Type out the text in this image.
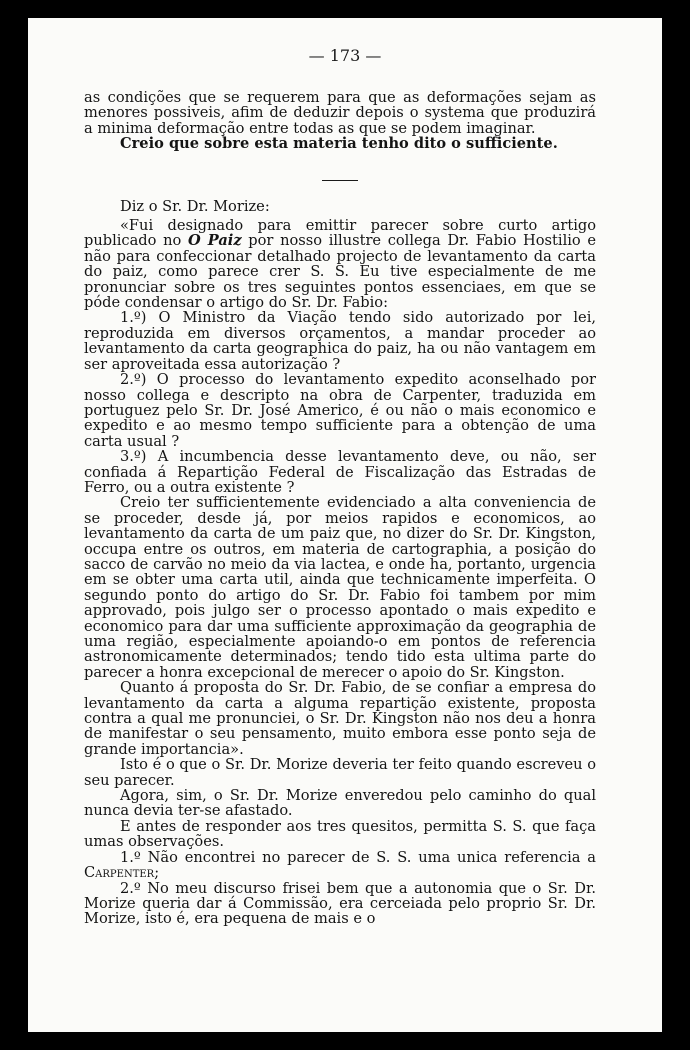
— 173 —

as condições que se requerem para que as deformações sejam as menores possiveis, afim de deduzir depois o systema que produzirá a minima deformação entre todas as que se podem imaginar.

Creio que sobre esta materia tenho dito o sufficiente.

Diz o Sr. Dr. Morize:

«Fui designado para emittir parecer sobre curto artigo publicado no O Paiz por nosso illustre collega Dr. Fabio Hostilio e não para confeccionar detalhado projecto de levantamento da carta do paiz, como parece crer S. S. Eu tive especialmente de me pronunciar sobre os tres seguintes pontos essenciaes, em que se póde condensar o artigo do Sr. Dr. Fabio:

1.º) O Ministro da Viação tendo sido autorizado por lei, reproduzida em diversos orçamentos, a mandar proceder ao levantamento da carta geographica do paiz, ha ou não vantagem em ser aproveitada essa autorização ?

2.º) O processo do levantamento expedito aconselhado por nosso collega e descripto na obra de Carpenter, traduzida em portuguez pelo Sr. Dr. José Americo, é ou não o mais economico e expedito e ao mesmo tempo sufficiente para a obtenção de uma carta usual ?

3.º) A incumbencia desse levantamento deve, ou não, ser confiada á Repartição Federal de Fiscalização das Estradas de Ferro, ou a outra existente ?

Creio ter sufficientemente evidenciado a alta conveniencia de se proceder, desde já, por meios rapidos e economicos, ao levantamento da carta de um paiz que, no dizer do Sr. Dr. Kingston, occupa entre os outros, em materia de cartographia, a posição do sacco de carvão no meio da via lactea, e onde ha, portanto, urgencia em se obter uma carta util, ainda que technicamente imperfeita. O segundo ponto do artigo do Sr. Dr. Fabio foi tambem por mim approvado, pois julgo ser o processo apontado o mais expedito e economico para dar uma sufficiente approximação da geographia de uma região, especialmente apoiando-o em pontos de referencia astronomicamente determinados; tendo tido esta ultima parte do parecer a honra excepcional de merecer o apoio do Sr. Kingston.

Quanto á proposta do Sr. Dr. Fabio, de se confiar a empresa do levantamento da carta a alguma repartição existente, proposta contra a qual me pronunciei, o Sr. Dr. Kingston não nos deu a honra de manifestar o seu pensamento, muito embora esse ponto seja de grande importancia».

Isto é o que o Sr. Dr. Morize deveria ter feito quando escreveu o seu parecer.

Agora, sim, o Sr. Dr. Morize enveredou pelo caminho do qual nunca devia ter-se afastado.

E antes de responder aos tres quesitos, permitta S. S. que faça umas observações.

1.º Não encontrei no parecer de S. S. uma unica referencia a Carpenter;

2.º No meu discurso frisei bem que a autonomia que o Sr. Dr. Morize queria dar á Commissão, era cerceiada pelo proprio Sr. Dr. Morize, isto é, era pequena de mais e o
